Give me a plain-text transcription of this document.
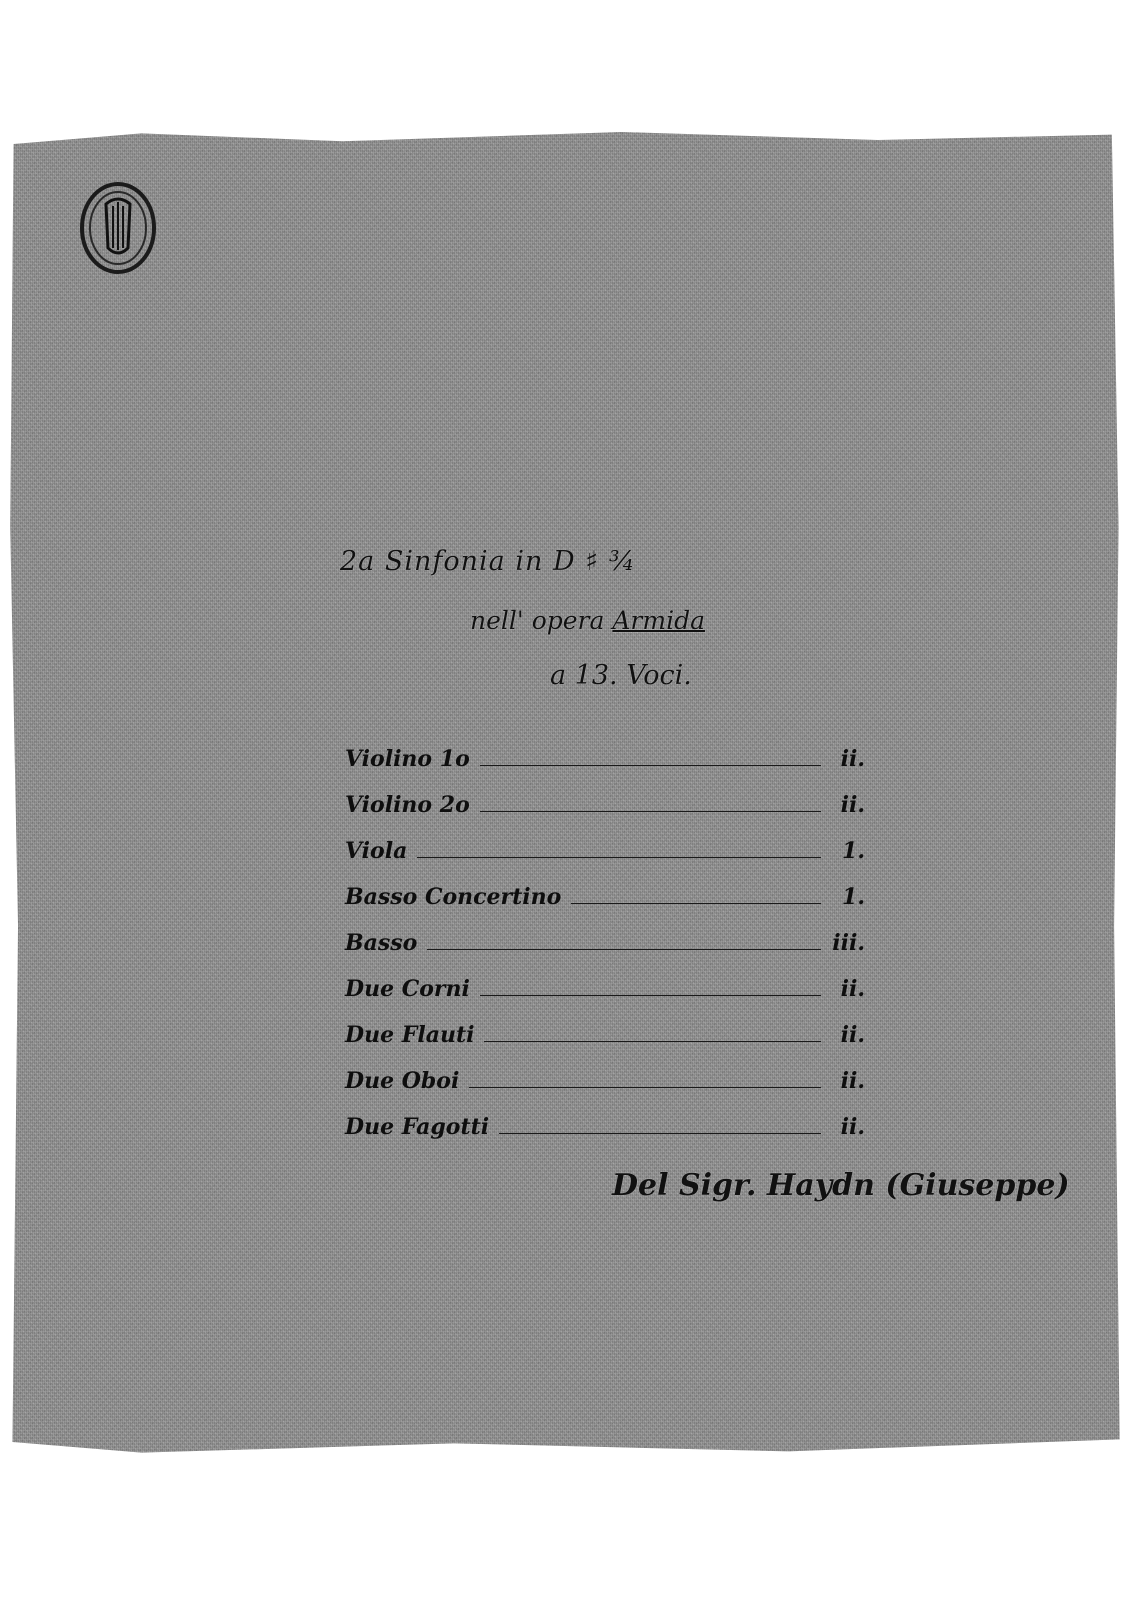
2a Sinfonia in D ♯ ¾
nell' opera Armida
a 13. Voci.
Violino 1o	ii.
Violino 2o	ii.
Viola	1.
Basso Concertino	1.
Basso	iii.
Due Corni	ii.
Due Flauti	ii.
Due Oboi	ii.
Due Fagotti	ii.
Del Sigr. Haydn (Giuseppe)
